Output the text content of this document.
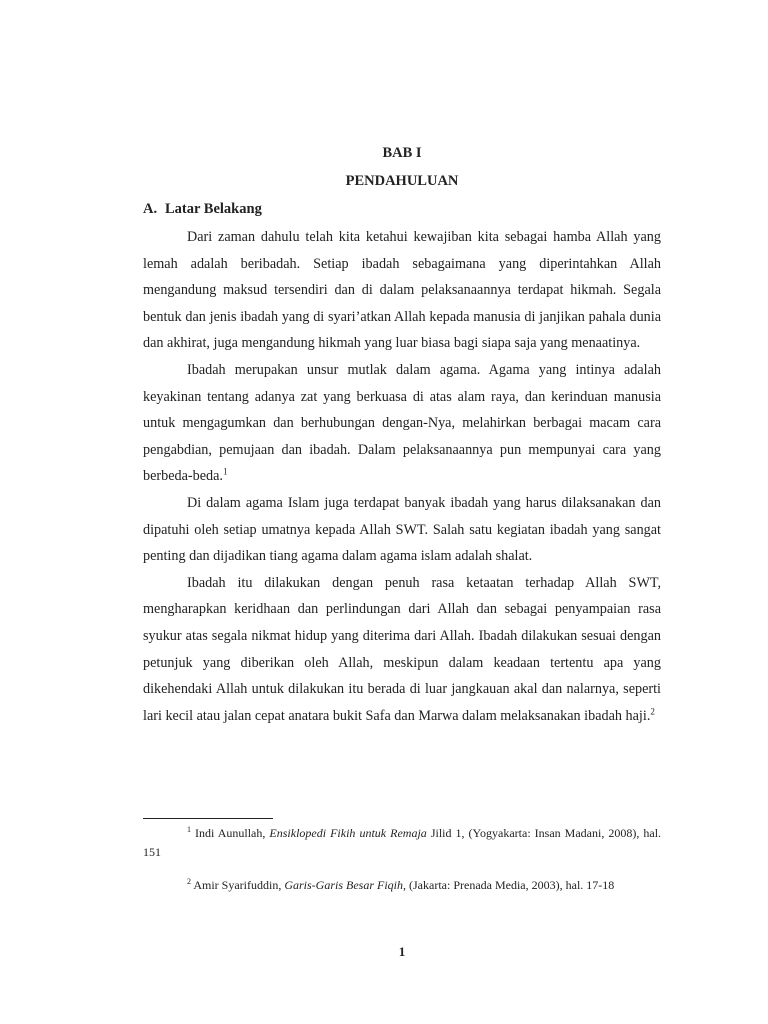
BAB I
PENDAHULUAN
A. Latar Belakang

Dari zaman dahulu telah kita ketahui kewajiban kita sebagai hamba Allah yang lemah adalah beribadah. Setiap ibadah sebagaimana yang diperintahkan Allah mengandung maksud tersendiri dan di dalam pelaksanaannya terdapat hikmah. Segala bentuk dan jenis ibadah yang di syari’atkan Allah kepada manusia di janjikan pahala dunia dan akhirat, juga mengandung hikmah yang luar biasa bagi siapa saja yang menaatinya.

Ibadah merupakan unsur mutlak dalam agama. Agama yang intinya adalah keyakinan tentang adanya zat yang berkuasa di atas alam raya, dan kerinduan manusia untuk mengagumkan dan berhubungan dengan-Nya, melahirkan berbagai macam cara pengabdian, pemujaan dan ibadah. Dalam pelaksanaannya pun mempunyai cara yang berbeda-beda.$^1$

Di dalam agama Islam juga terdapat banyak ibadah yang harus dilaksanakan dan dipatuhi oleh setiap umatnya kepada Allah SWT. Salah satu kegiatan ibadah yang sangat penting dan dijadikan tiang agama dalam agama islam adalah shalat.

Ibadah itu dilakukan dengan penuh rasa ketaatan terhadap Allah SWT, mengharapkan keridhaan dan perlindungan dari Allah dan sebagai penyampaian rasa syukur atas segala nikmat hidup yang diterima dari Allah. Ibadah dilakukan sesuai dengan petunjuk yang diberikan oleh Allah, meskipun dalam keadaan tertentu apa yang dikehendaki Allah untuk dilakukan itu berada di luar jangkauan akal dan nalarnya, seperti lari kecil atau jalan cepat anatara bukit Safa dan Marwa dalam melaksanakan ibadah haji.$^2$

$^1$ Indi Aunullah, Ensiklopedi Fikih untuk Remaja Jilid 1, (Yogyakarta: Insan Madani, 2008), hal. 151

$^2$ Amir Syarifuddin, Garis-Garis Besar Fiqih, (Jakarta: Prenada Media, 2003), hal. 17-18

1
